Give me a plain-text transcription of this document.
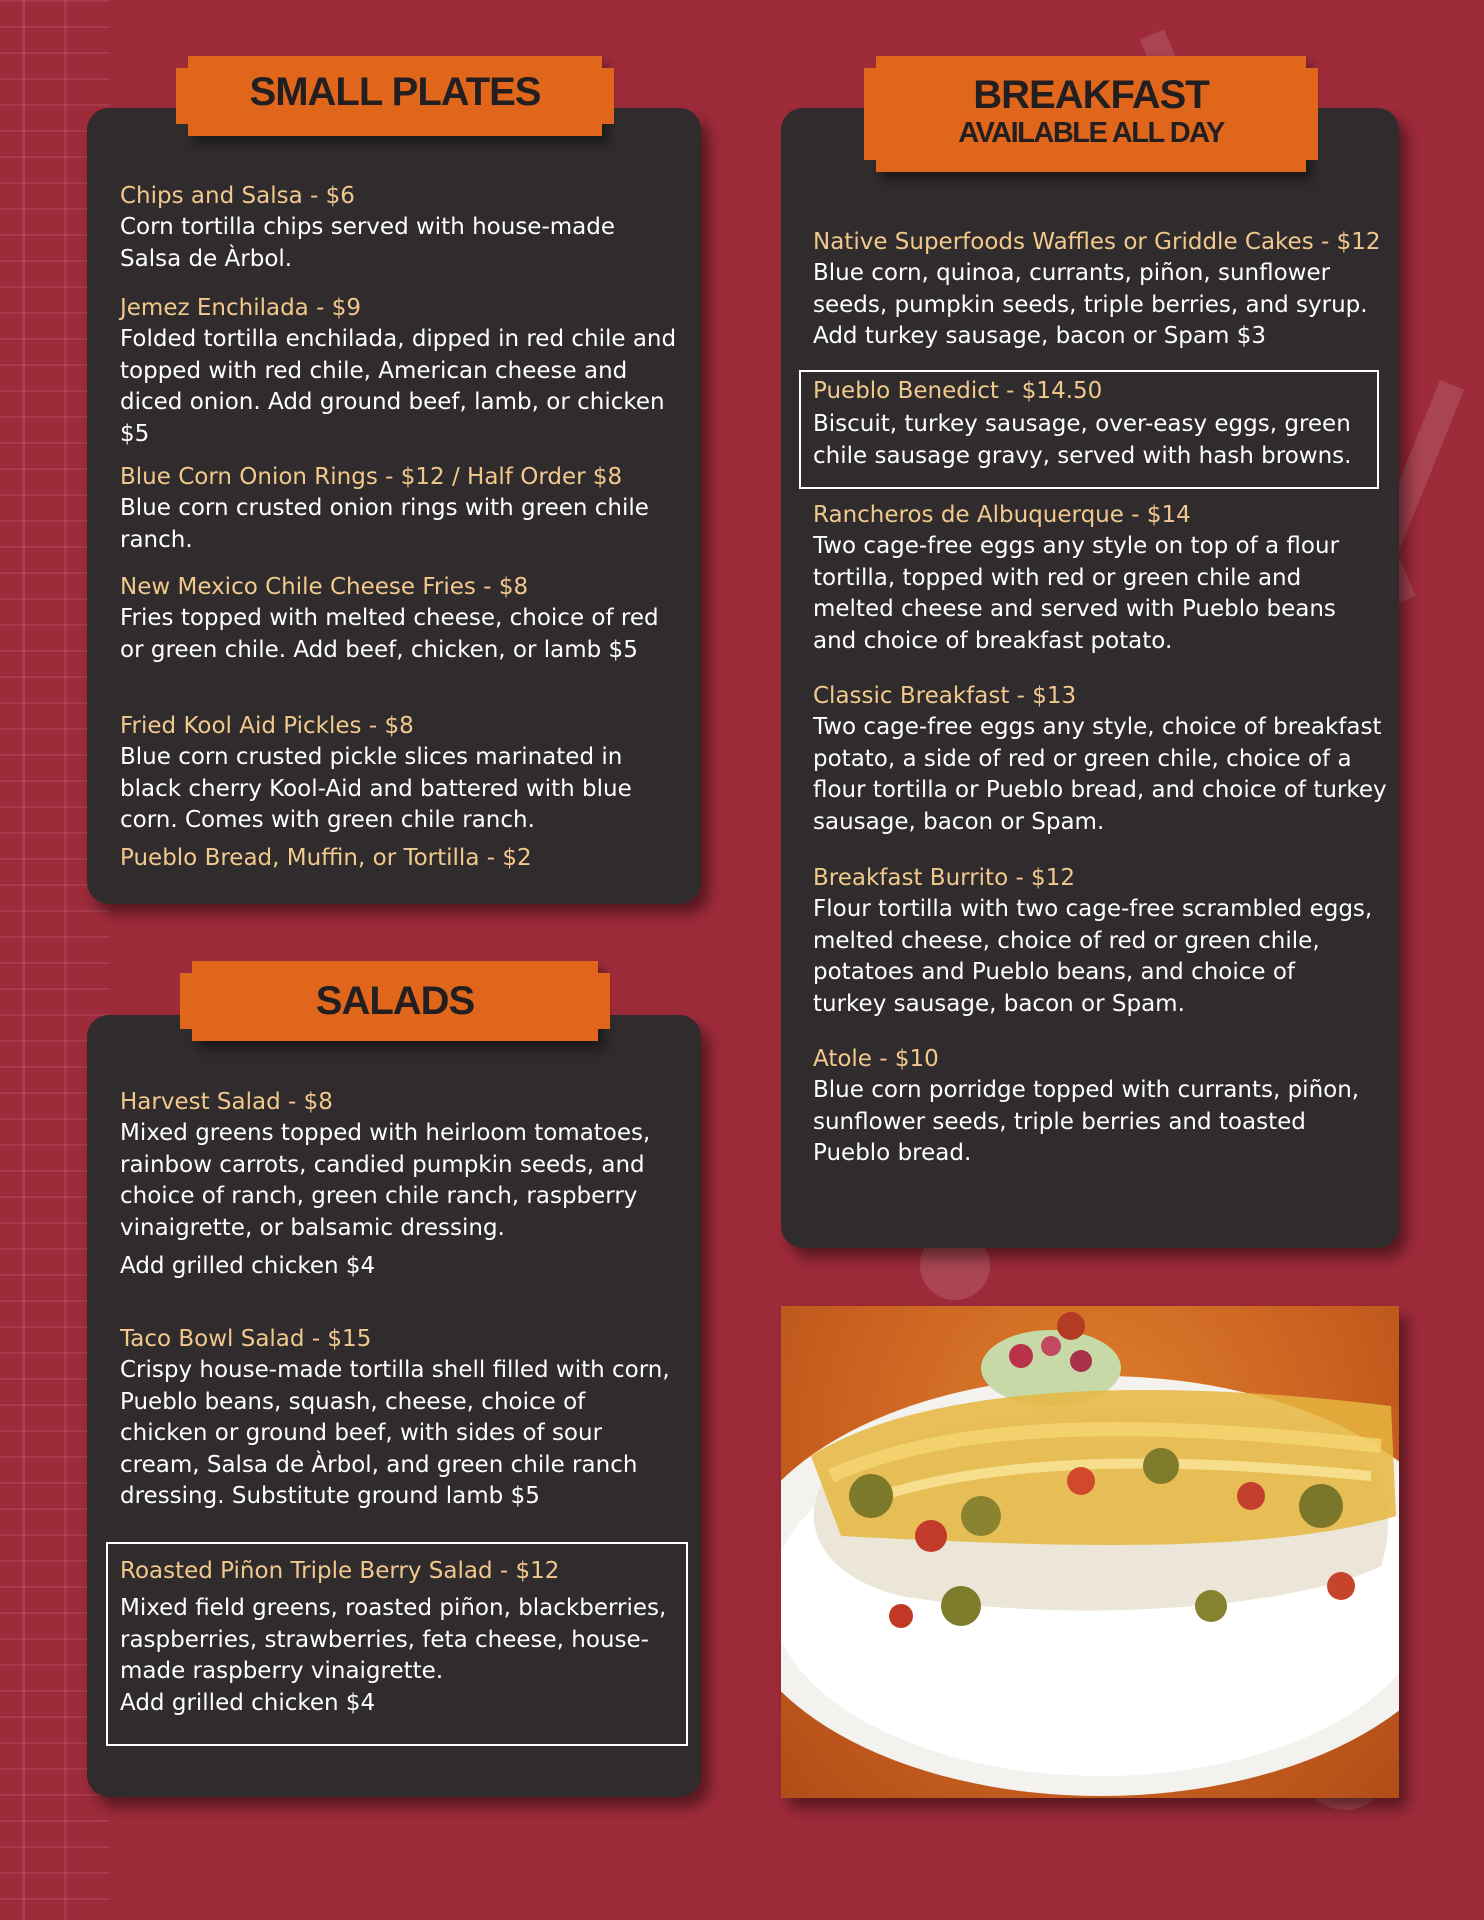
SMALL PLATES
Chips and Salsa - $6
Corn tortilla chips served with house-made Salsa de Àrbol.
Jemez Enchilada - $9
Folded tortilla enchilada, dipped in red chile and topped with red chile, American cheese and diced onion. Add ground beef, lamb, or chicken $5
Blue Corn Onion Rings - $12 / Half Order $8
Blue corn crusted onion rings with green chile ranch.
New Mexico Chile Cheese Fries - $8
Fries topped with melted cheese, choice of red or green chile. Add beef, chicken, or lamb $5
Fried Kool Aid Pickles - $8
Blue corn crusted pickle slices marinated in black cherry Kool-Aid and battered with blue corn. Comes with green chile ranch.
Pueblo Bread, Muffin, or Tortilla - $2
SALADS
Harvest Salad - $8
Mixed greens topped with heirloom tomatoes, rainbow carrots, candied pumpkin seeds, and choice of ranch, green chile ranch, raspberry vinaigrette, or balsamic dressing.
Add grilled chicken $4
Taco Bowl Salad - $15
Crispy house-made tortilla shell filled with corn, Pueblo beans, squash, cheese, choice of chicken or ground beef, with sides of sour cream, Salsa de Àrbol, and green chile ranch dressing. Substitute ground lamb $5
Roasted Piñon Triple Berry Salad - $12
Mixed field greens, roasted piñon, blackberries, raspberries, strawberries, feta cheese, house-made raspberry vinaigrette.
Add grilled chicken $4
BREAKFAST
AVAILABLE ALL DAY
Native Superfoods Waffles or Griddle Cakes - $12
Blue corn, quinoa, currants, piñon, sunflower seeds, pumpkin seeds, triple berries, and syrup. Add turkey sausage, bacon or Spam $3
Pueblo Benedict - $14.50
Biscuit, turkey sausage, over-easy eggs, green chile sausage gravy, served with hash browns.
Rancheros de Albuquerque - $14
Two cage-free eggs any style on top of a flour tortilla, topped with red or green chile and melted cheese and served with Pueblo beans and choice of breakfast potato.
Classic Breakfast - $13
Two cage-free eggs any style, choice of breakfast potato, a side of red or green chile, choice of a flour tortilla or Pueblo bread, and choice of turkey sausage, bacon or Spam.
Breakfast Burrito - $12
Flour tortilla with two cage-free scrambled eggs, melted cheese, choice of red or green chile, potatoes and Pueblo beans, and choice of turkey sausage, bacon or Spam.
Atole - $10
Blue corn porridge topped with currants, piñon, sunflower seeds, triple berries and toasted Pueblo bread.
